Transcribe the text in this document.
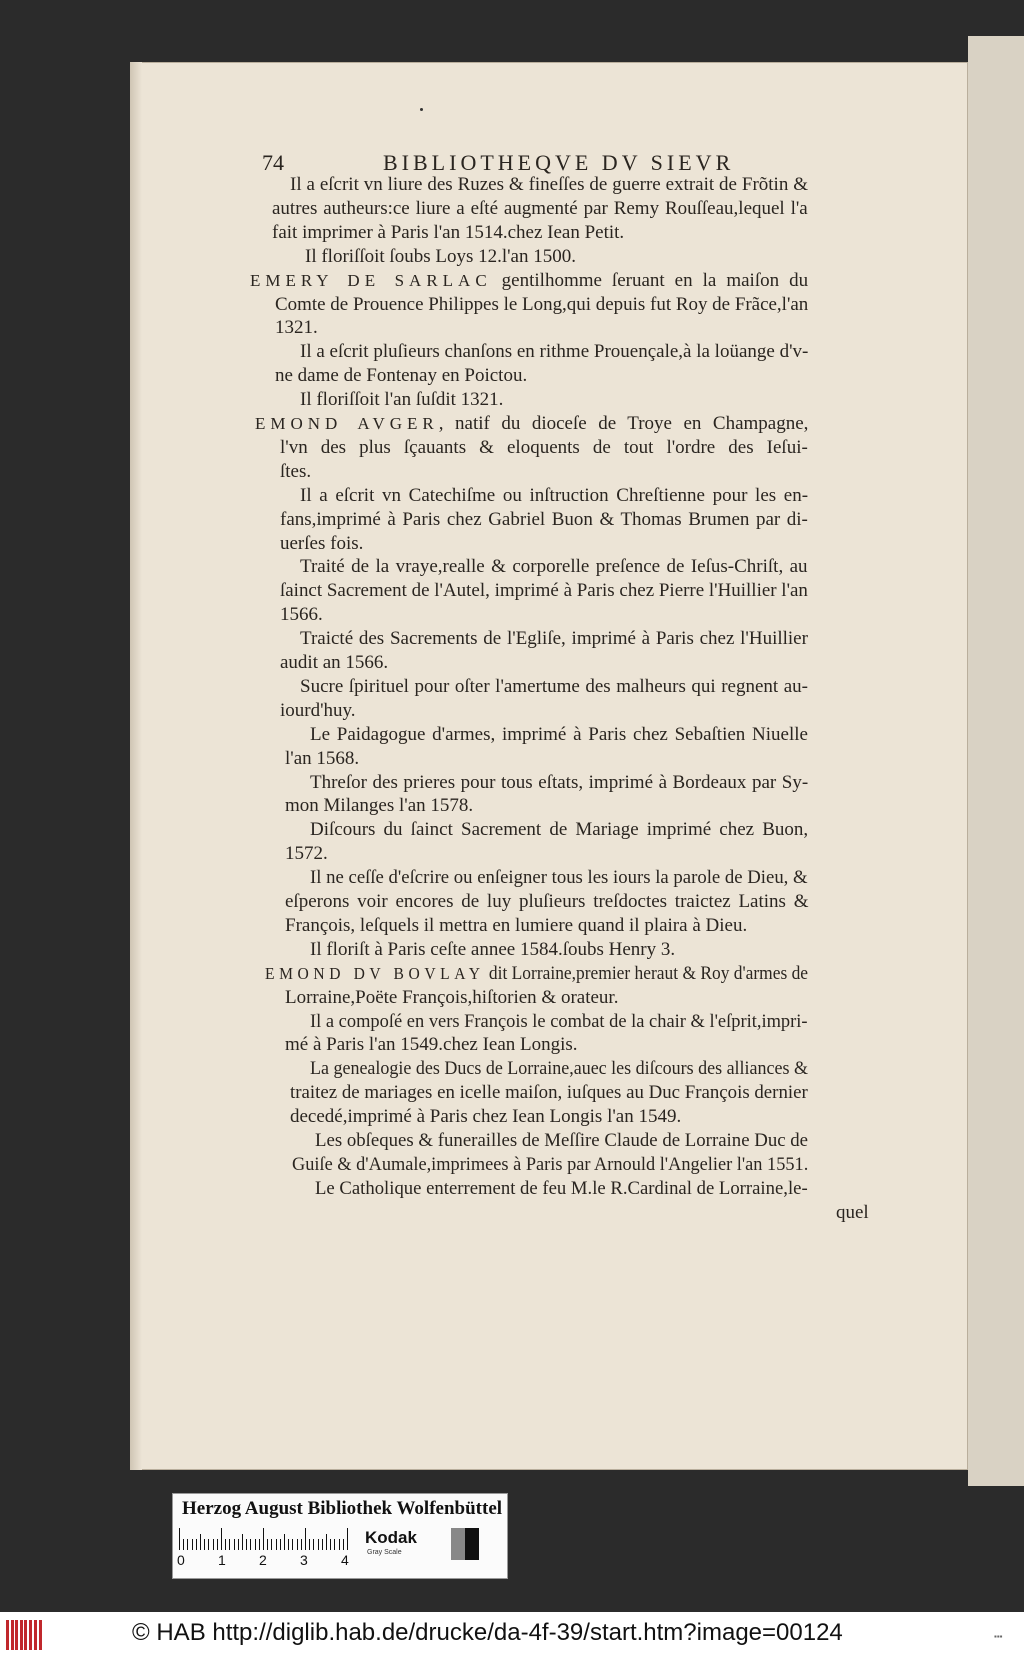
74	BIBLIOTHEQVE DV SIEVR
Il a eſcrit vn liure des Ruzes & fineſſes de guerre extrait de Frõtin &
autres autheurs:ce liure a eſté augmenté par Remy Rouſſeau,lequel l'a
fait imprimer à Paris l'an 1514.chez Iean Petit.
Il floriſſoit ſoubs Loys 12.l'an 1500.
EMERY DE SARLAC gentilhomme ſeruant en la maiſon du
Comte de Prouence Philippes le Long,qui depuis fut Roy de Frãce,l'an
1321.
Il a eſcrit pluſieurs chanſons en rithme Prouençale,à la loüange d'v-
ne dame de Fontenay en Poictou.
Il floriſſoit l'an ſuſdit 1321.
EMOND AVGER, natif du dioceſe de Troye en Champagne,
l'vn des plus ſçauants & eloquents de tout l'ordre des Ieſui-
ſtes.
Il a eſcrit vn Catechiſme ou inſtruction Chreſtienne pour les en-
fans,imprimé à Paris chez Gabriel Buon & Thomas Brumen par di-
uerſes fois.
Traité de la vraye,realle & corporelle preſence de Ieſus-Chriſt, au
ſainct Sacrement de l'Autel, imprimé à Paris chez Pierre l'Huillier l'an
1566.
Traicté des Sacrements de l'Egliſe, imprimé à Paris chez l'Huillier
audit an 1566.
Sucre ſpirituel pour oſter l'amertume des malheurs qui regnent au-
iourd'huy.
Le Paidagogue d'armes, imprimé à Paris chez Sebaſtien Niuelle
l'an 1568.
Threſor des prieres pour tous eſtats, imprimé à Bordeaux par Sy-
mon Milanges l'an 1578.
Diſcours du ſainct Sacrement de Mariage imprimé chez Buon,
1572.
Il ne ceſſe d'eſcrire ou enſeigner tous les iours la parole de Dieu, &
eſperons voir encores de luy pluſieurs treſdoctes traictez Latins &
François, leſquels il mettra en lumiere quand il plaira à Dieu.
Il floriſt à Paris ceſte annee 1584.ſoubs Henry 3.
EMOND DV BOVLAY dit Lorraine,premier heraut & Roy d'armes de
Lorraine,Poëte François,hiſtorien & orateur.
Il a compoſé en vers François le combat de la chair & l'eſprit,impri-
mé à Paris l'an 1549.chez Iean Longis.
La genealogie des Ducs de Lorraine,auec les diſcours des alliances &
traitez de mariages en icelle maiſon, iuſques au Duc François dernier
decedé,imprimé à Paris chez Iean Longis l'an 1549.
Les obſeques & funerailles de Meſſire Claude de Lorraine Duc de
Guiſe & d'Aumale,imprimees à Paris par Arnould l'Angelier l'an 1551.
Le Catholique enterrement de feu M.le R.Cardinal de Lorraine,le-
quel
Herzog August Bibliothek Wolfenbüttel
0 1 2 3 4
Kodak
Gray Scale
© HAB http://diglib.hab.de/drucke/da-4f-39/start.htm?image=00124	▪▪▪
